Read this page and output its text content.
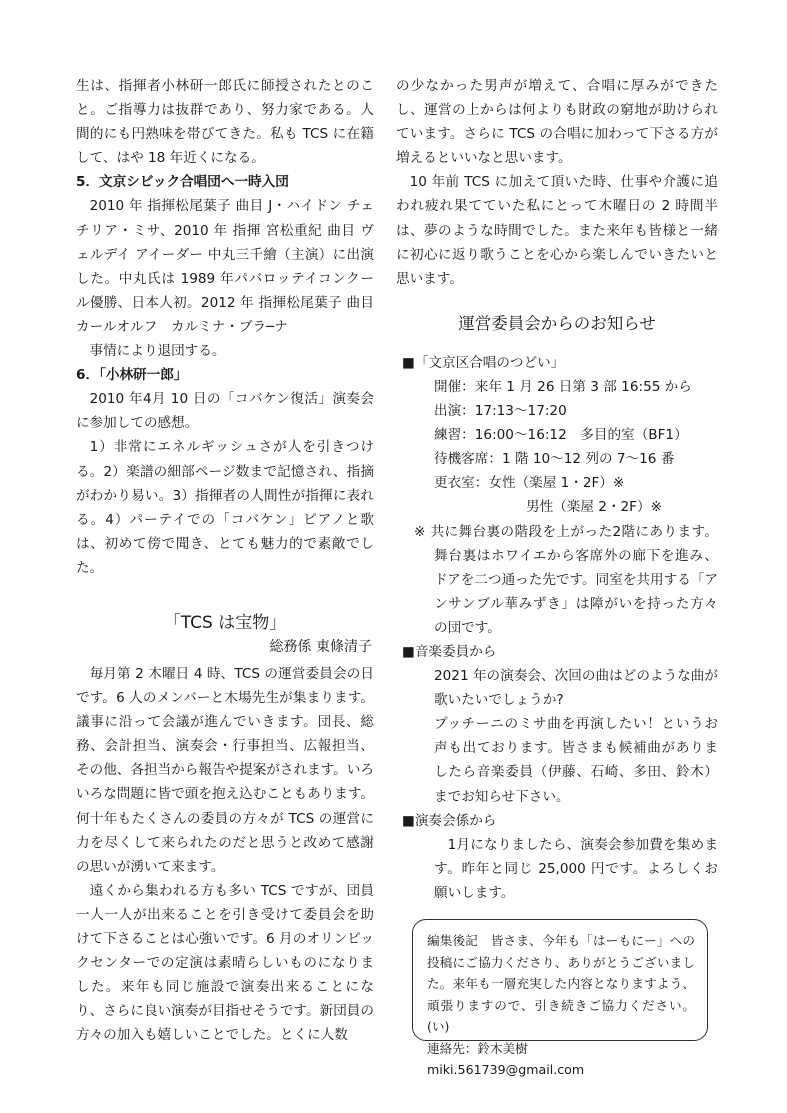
生は、指揮者小林研一郎氏に師授されたとのこと。ご指導力は抜群であり、努力家である。人間的にも円熟味を帯びてきた。私も TCS に在籍して、はや 18 年近くになる。

5．文京シビック合唱団へ一時入団

2010 年 指揮松尾葉子 曲目 J・ハイドン チェチリア・ミサ、2010 年 指揮 宮松重紀 曲目 ヴェルデイ アイーダー 中丸三千繪（主演）に出演した。中丸氏は 1989 年パバロッテイコンクール優勝、日本人初。2012 年 指揮松尾葉子 曲目カールオルフ　カルミナ・ブラ─ナ

事情により退団する。

6．「小林研一郎」

2010 年4月 10 日の「コバケン復活」演奏会に参加しての感想。

1）非常にエネルギッシュさが人を引きつける。2）楽譜の細部ページ数まで記憶され、指摘がわかり易い。3）指揮者の人間性が指揮に表れる。4）パーテイでの「コバケン」ピアノと歌は、初めて傍で聞き、とても魅力的で素敵でした。

「TCS は宝物」

総務係 東條清子

毎月第 2 木曜日 4 時、TCS の運営委員会の日です。6 人のメンバーと木場先生が集まります。議事に沿って会議が進んでいきます。団長、総務、会計担当、演奏会・行事担当、広報担当、その他、各担当から報告や提案がされます。いろいろな問題に皆で頭を抱え込むこともあります。何十年もたくさんの委員の方々が TCS の運営に力を尽くして来られたのだと思うと改めて感謝の思いが湧いて来ます。

遠くから集われる方も多い TCS ですが、団員一人一人が出来ることを引き受けて委員会を助けて下さることは心強いです。6 月のオリンピックセンターでの定演は素晴らしいものになりました。来年も同じ施設で演奏出来ることになり、さらに良い演奏が目指せそうです。新団員の方々の加入も嬉しいことでした。とくに人数

の少なかった男声が増えて、合唱に厚みができたし、運営の上からは何よりも財政の窮地が助けられています。さらに TCS の合唱に加わって下さる方が増えるといいなと思います。

10 年前 TCS に加えて頂いた時、仕事や介護に追われ疲れ果てていた私にとって木曜日の 2 時間半は、夢のような時間でした。また来年も皆様と一緒に初心に返り歌うことを心から楽しんでいきたいと思います。

運営委員会からのお知らせ

■「文京区合唱のつどい」

開催：来年 1 月 26 日第 3 部 16:55 から
出演：17:13〜17:20
練習：16:00〜16:12　多目的室（BF1）
待機客席：1 階 10〜12 列の 7〜16 番
更衣室：女性（楽屋 1・2F）※
男性（楽屋 2・2F）※

※ 共に舞台裏の階段を上がった2階にあります。舞台裏はホワイエから客席外の廊下を進み、ドアを二つ通った先です。同室を共用する「アンサンブル華みずき」は障がいを持った方々の団です。

■音楽委員から

2021 年の演奏会、次回の曲はどのような曲が歌いたいでしょうか?
プッチーニのミサ曲を再演したい！というお声も出ております。皆さまも候補曲がありましたら音楽委員（伊藤、石崎、多田、鈴木）までお知らせ下さい。

■演奏会係から

1月になりましたら、演奏会参加費を集めます。昨年と同じ 25,000 円です。よろしくお願いします。

編集後記　皆さま、今年も「はーもにー」への投稿にご協力くださり、ありがとうございました。来年も一層充実した内容となりますよう、頑張りますので、引き続きご協力ください。(い)

連絡先：鈴木美樹　miki.561739@gmail.com
